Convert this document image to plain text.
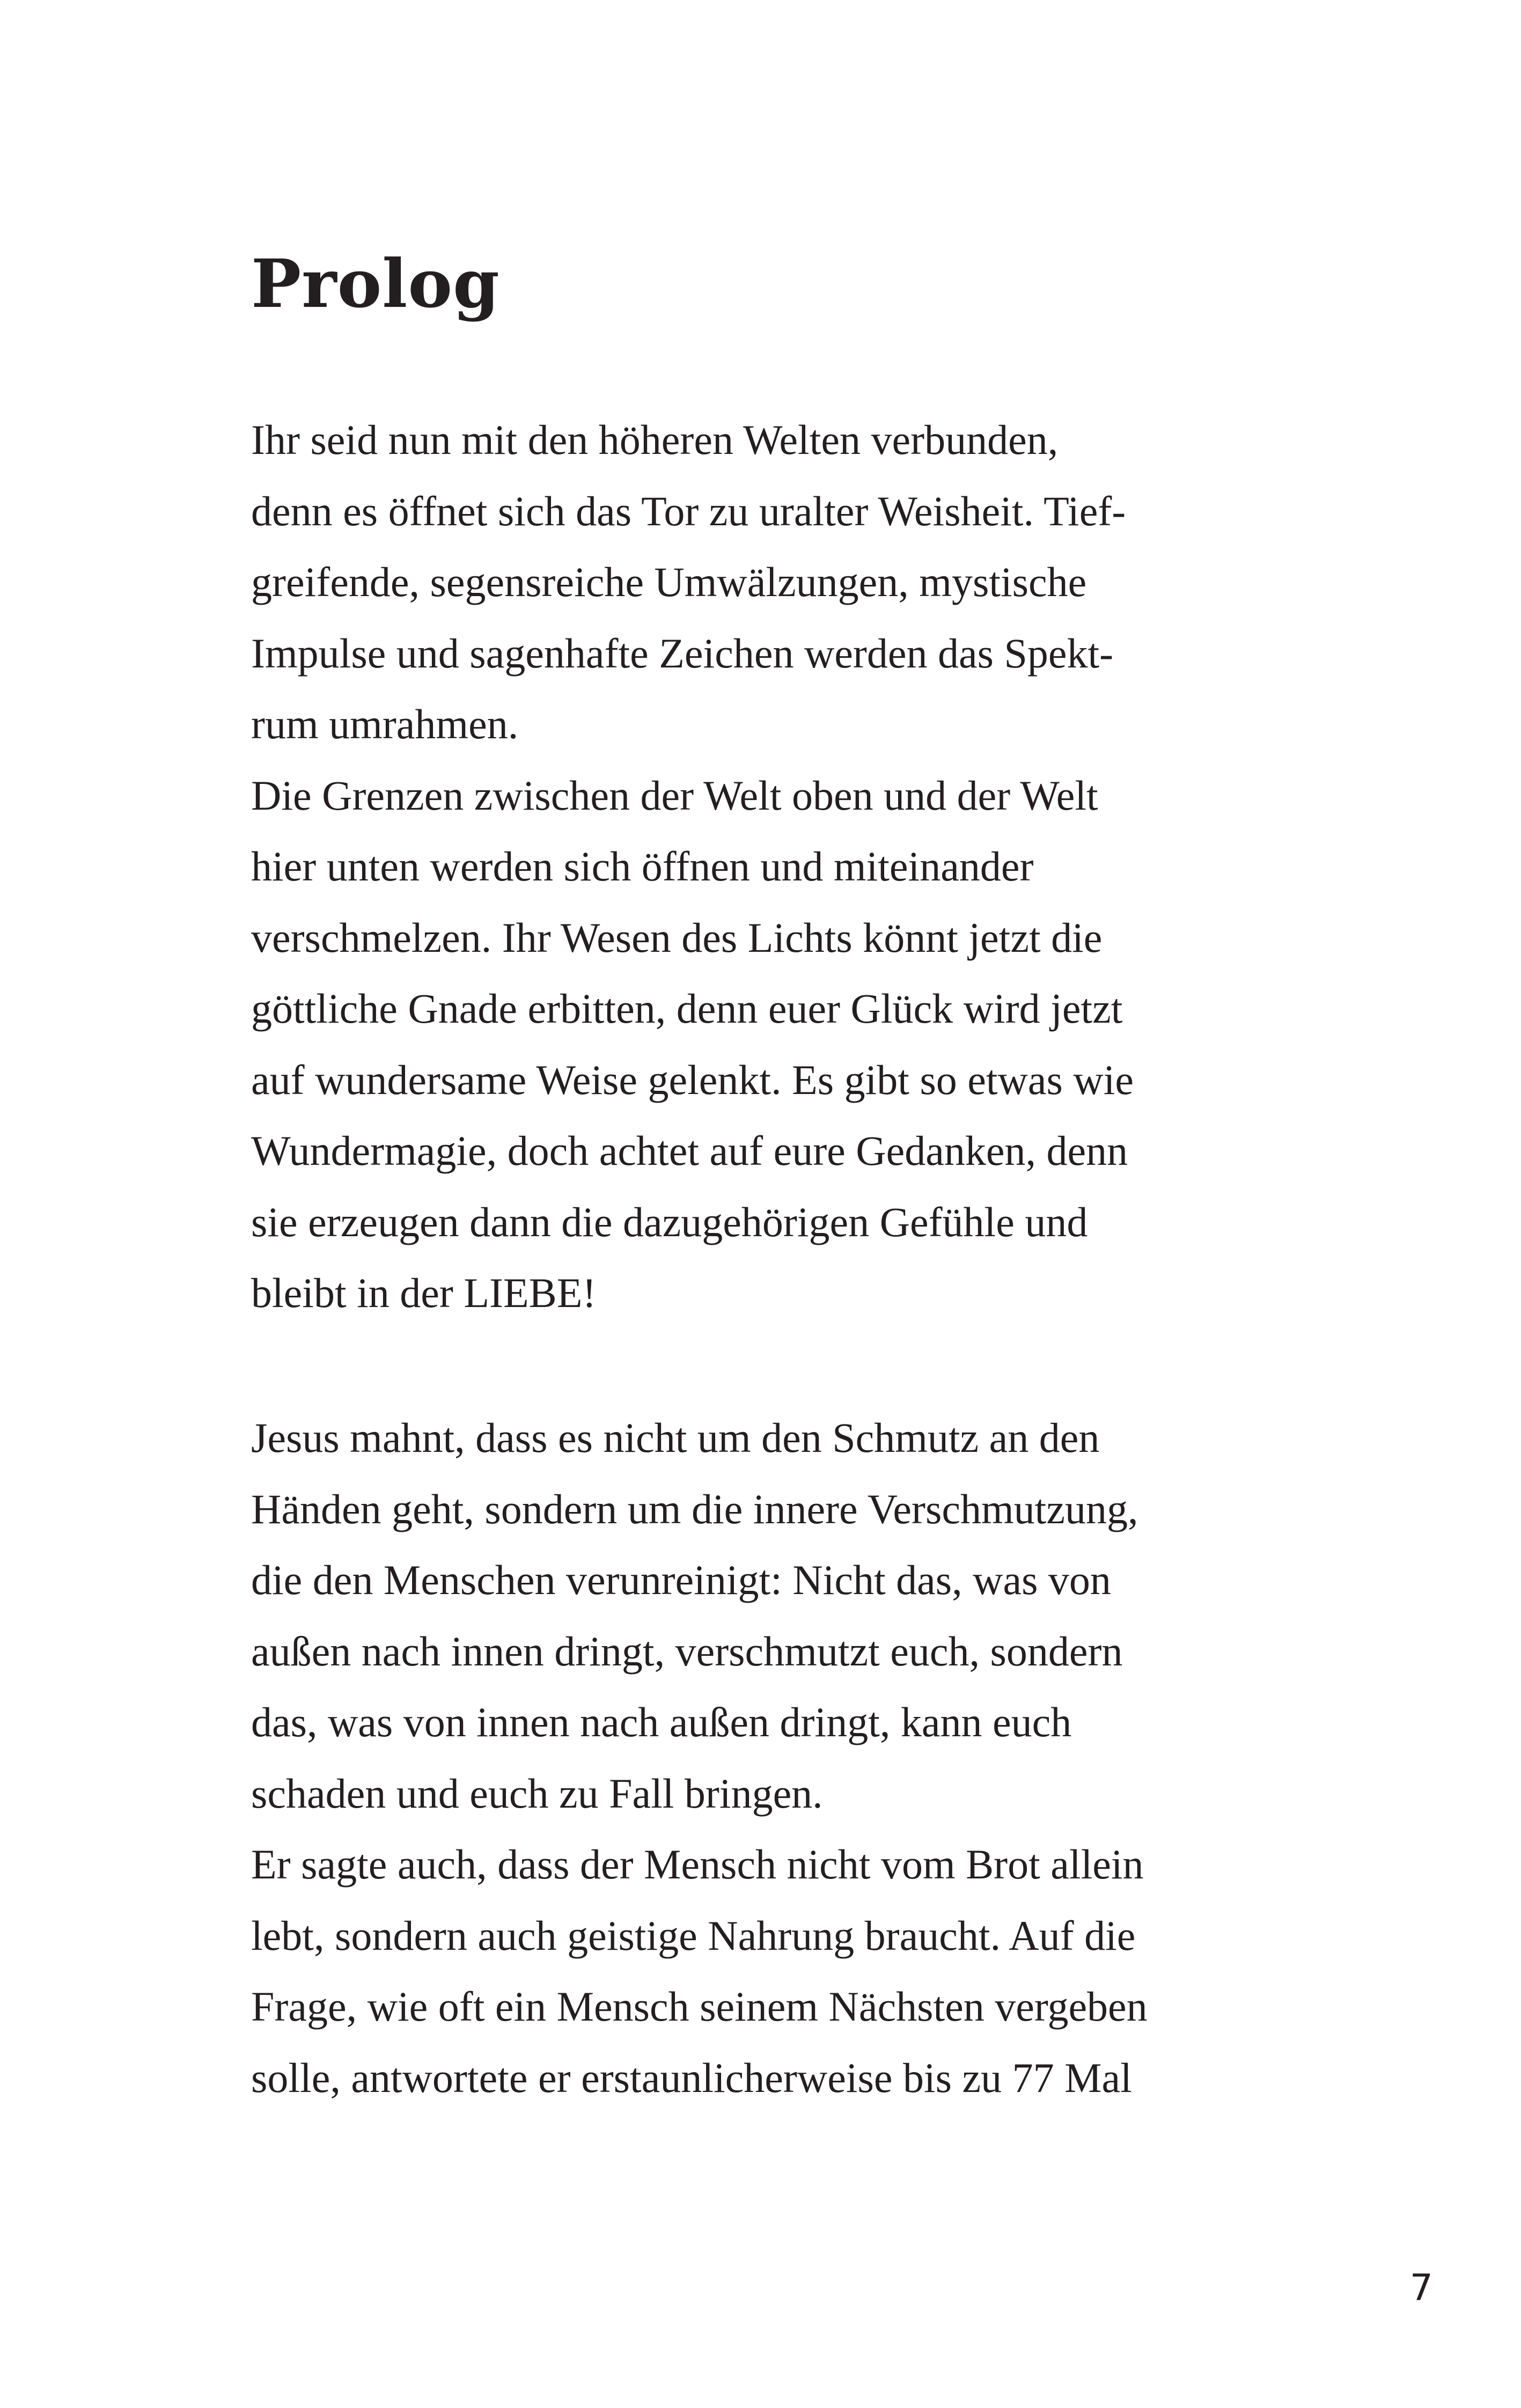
Prolog
Ihr seid nun mit den höheren Welten verbunden,
denn es öffnet sich das Tor zu uralter Weisheit. Tief-
greifende, segensreiche Umwälzungen, mystische
Impulse und sagenhafte Zeichen werden das Spekt-
rum umrahmen.
Die Grenzen zwischen der Welt oben und der Welt
hier unten werden sich öffnen und miteinander
verschmelzen. Ihr Wesen des Lichts könnt jetzt die
göttliche Gnade erbitten, denn euer Glück wird jetzt
auf wundersame Weise gelenkt. Es gibt so etwas wie
Wundermagie, doch achtet auf eure Gedanken, denn
sie erzeugen dann die dazugehörigen Gefühle und
bleibt in der LIEBE!
Jesus mahnt, dass es nicht um den Schmutz an den
Händen geht, sondern um die innere Verschmutzung,
die den Menschen verunreinigt: Nicht das, was von
außen nach innen dringt, verschmutzt euch, sondern
das, was von innen nach außen dringt, kann euch
schaden und euch zu Fall bringen.
Er sagte auch, dass der Mensch nicht vom Brot allein
lebt, sondern auch geistige Nahrung braucht. Auf die
Frage, wie oft ein Mensch seinem Nächsten vergeben
solle, antwortete er erstaunlicherweise bis zu 77 Mal
7
